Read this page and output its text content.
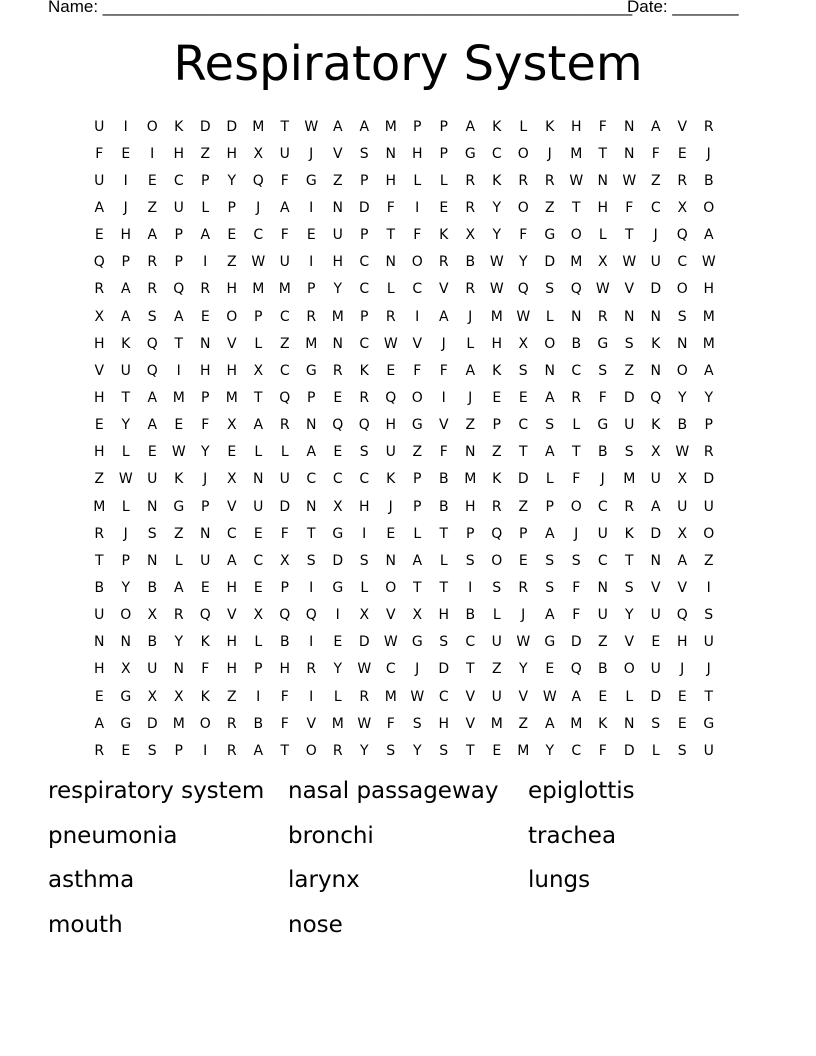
Name: ________________________________________________________
Date: _______
Respiratory System
U	I	O	K	D	D	M	T	W	A	A	M	P	P	A	K	L	K	H	F	N	A	V	R
F	E	I	H	Z	H	X	U	J	V	S	N	H	P	G	C	O	J	M	T	N	F	E	J
U	I	E	C	P	Y	Q	F	G	Z	P	H	L	L	R	K	R	R	W	N	W	Z	R	B
A	J	Z	U	L	P	J	A	I	N	D	F	I	E	R	Y	O	Z	T	H	F	C	X	O
E	H	A	P	A	E	C	F	E	U	P	T	F	K	X	Y	F	G	O	L	T	J	Q	A
Q	P	R	P	I	Z	W	U	I	H	C	N	O	R	B	W	Y	D	M	X	W	U	C	W
R	A	R	Q	R	H	M	M	P	Y	C	L	C	V	R	W	Q	S	Q	W	V	D	O	H
X	A	S	A	E	O	P	C	R	M	P	R	I	A	J	M W	L	N	R	N	N	S	M
H	K	Q	T	N	V	L	Z	M	N	C	W	V	J	L	H	X	O	B	G	S	K	N	M
V	U	Q	I	H	H	X	C	G	R	K	E	F	F	A	K	S	N	C	S	Z	N	O	A
H	T	A	M	P	M	T	Q	P	E	R	Q	O	I	J	E	E	A	R	F	D	Q	Y	Y
E	Y	A	E	F	X	A	R	N	Q	Q	H	G	V	Z	P	C	S	L	G	U	K	B	P
H	L	E	W	Y	E	L	L	A	E	S	U	Z	F	N	Z	T	A	T	B	S	X	W	R
Z	W	U	K	J	X	N	U	C	C	C	K	P	B	M	K	D	L	F	J	M	U	X	D
M	L	N	G	P	V	U	D	N	X	H	J	P	B	H	R	Z	P	O	C	R	A	U	U
R	J	S	Z	N	C	E	F	T	G	I	E	L	T	P	Q	P	A	J	U	K	D	X	O
T	P	N	L	U	A	C	X	S	D	S	N	A	L	S	O	E	S	S	C	T	N	A	Z
B	Y	B	A	E	H	E	P	I	G	L	O	T	T	I	S	R	S	F	N	S	V	V	I
U	O	X	R	Q	V	X	Q	Q	I	X	V	X	H	B	L	J	A	F	U	Y	U	Q	S
N	N	B	Y	K	H	L	B	I	E	D	W	G	S	C	U	W	G	D	Z	V	E	H	U
H	X	U	N	F	H	P	H	R	Y	W	C	J	D	T	Z	Y	E	Q	B	O	U	J	J
E	G	X	X	K	Z	I	F	I	L	R	M W	C	V	U	V	W	A	E	L	D	E	T
A	G	D	M	O	R	B	F	V	M W	F	S	H	V	M	Z	A	M	K	N	S	E	G
R	E	S	P	I	R	A	T	O	R	Y	S	Y	S	T	E	M	Y	C	F	D	L	S	U
respiratory system	nasal passageway	epiglottis
pneumonia	bronchi	trachea
asthma	larynx	lungs
mouth	nose
